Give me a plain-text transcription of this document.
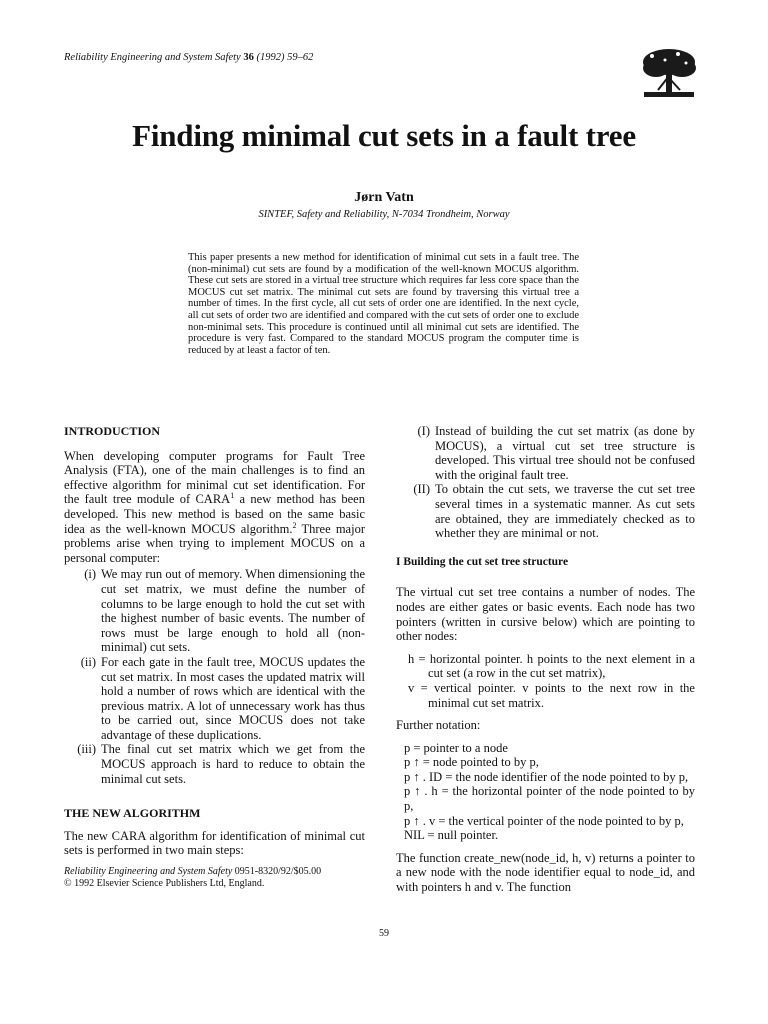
Reliability Engineering and System Safety 36 (1992) 59–62
Finding minimal cut sets in a fault tree
Jørn Vatn
SINTEF, Safety and Reliability, N-7034 Trondheim, Norway
This paper presents a new method for identification of minimal cut sets in a fault tree. The (non-minimal) cut sets are found by a modification of the well-known MOCUS algorithm. These cut sets are stored in a virtual tree structure which requires far less core space than the MOCUS cut set matrix. The minimal cut sets are found by traversing this virtual tree a number of times. In the first cycle, all cut sets of order one are identified. In the next cycle, all cut sets of order two are identified and compared with the cut sets of order one to exclude non-minimal sets. This procedure is continued until all minimal cut sets are identified. The procedure is very fast. Compared to the standard MOCUS program the computer time is reduced by at least a factor of ten.
INTRODUCTION

When developing computer programs for Fault Tree Analysis (FTA), one of the main challenges is to find an effective algorithm for minimal cut set identification. For the fault tree module of CARA$^1$ a new method has been developed. This new method is based on the same basic idea as the well-known MOCUS algorithm.$^2$ Three major problems arise when trying to implement MOCUS on a personal computer:

(i) We may run out of memory. When dimensioning the cut set matrix, we must define the number of columns to be large enough to hold the cut set with the highest number of basic events. The number of rows must be large enough to hold all (non-minimal) cut sets.
(ii) For each gate in the fault tree, MOCUS updates the cut set matrix. In most cases the updated matrix will hold a number of rows which are identical with the previous matrix. A lot of unnecessary work has thus to be carried out, since MOCUS does not take advantage of these duplications.
(iii) The final cut set matrix which we get from the MOCUS approach is hard to reduce to obtain the minimal cut sets.
THE NEW ALGORITHM

The new CARA algorithm for identification of minimal cut sets is performed in two main steps:

Reliability Engineering and System Safety 0951-8320/92/$05.00
© 1992 Elsevier Science Publishers Ltd, England.
(I) Instead of building the cut set matrix (as done by MOCUS), a virtual cut set tree structure is developed. This virtual tree should not be confused with the original fault tree.
(II) To obtain the cut sets, we traverse the cut set tree several times in a systematic manner. As cut sets are obtained, they are immediately checked as to whether they are minimal or not.
I Building the cut set tree structure

The virtual cut set tree contains a number of nodes. The nodes are either gates or basic events. Each node has two pointers (written in cursive below) which are pointing to other nodes:

h = horizontal pointer. h points to the next element in a cut set (a row in the cut set matrix),

v = vertical pointer. v points to the next row in the minimal cut set matrix.

Further notation:

p = pointer to a node

p ↑ = node pointed to by p,

p ↑ . ID = the node identifier of the node pointed to by p,

p ↑ . h = the horizontal pointer of the node pointed to by p,

p ↑ . v = the vertical pointer of the node pointed to by p,

NIL = null pointer.

The function create_new(node_id, h, v) returns a pointer to a new node with the node identifier equal to node_id, and with pointers h and v. The function

59
